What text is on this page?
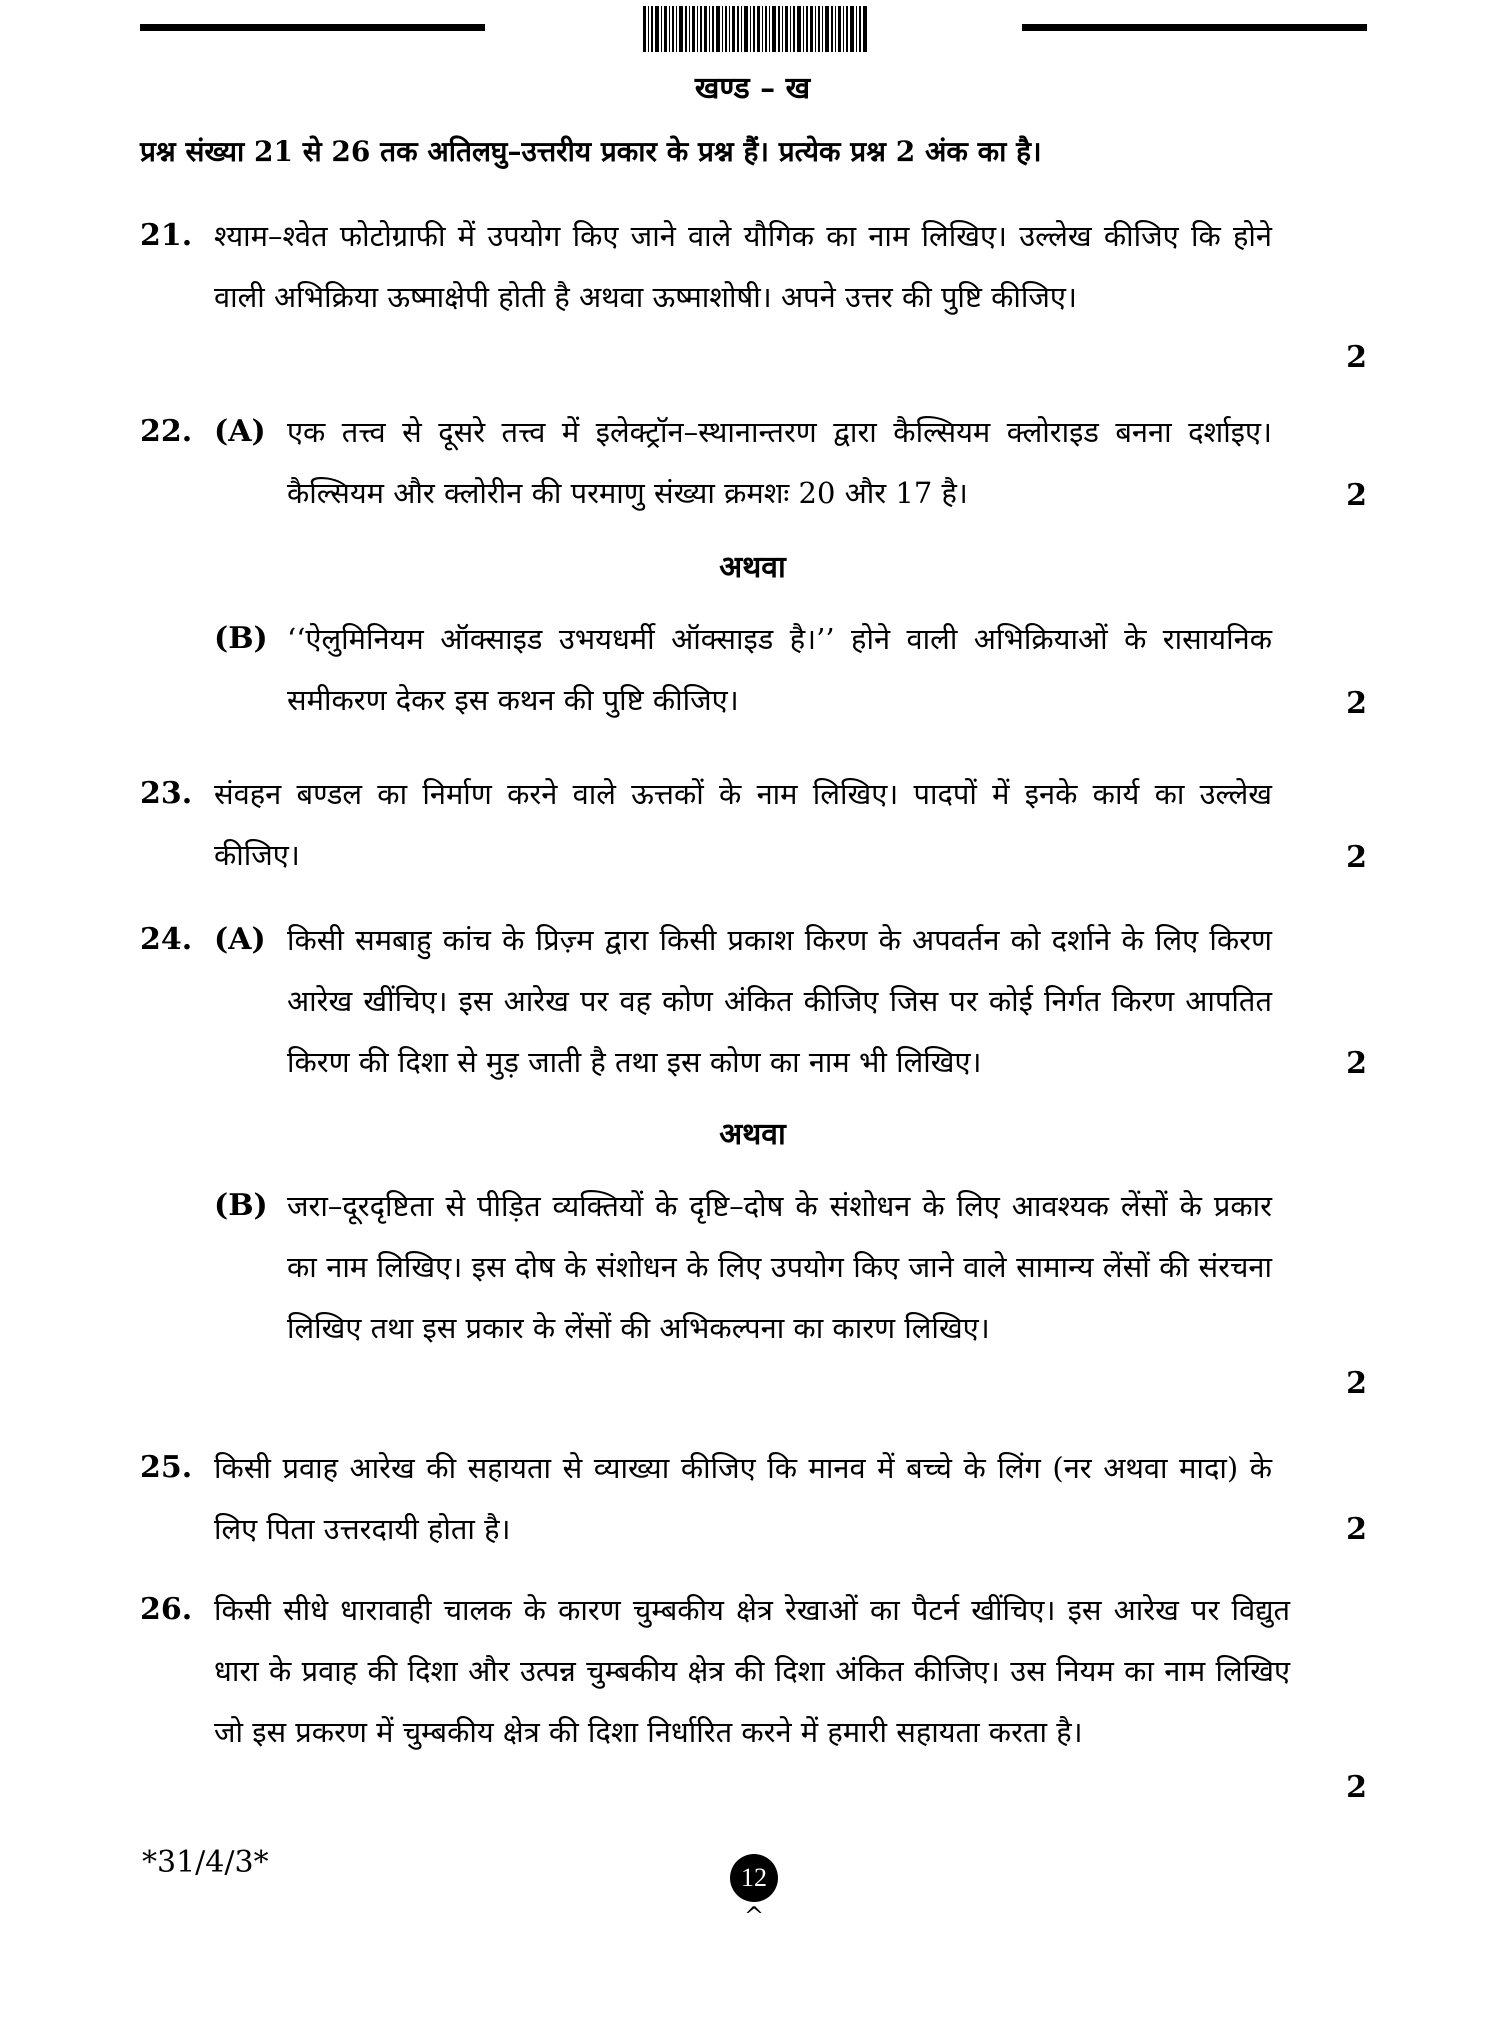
खण्ड – ख
प्रश्न संख्या 21 से 26 तक अतिलघु–उत्तरीय प्रकार के प्रश्न हैं। प्रत्येक प्रश्न 2 अंक का है।
21. श्याम–श्वेत फोटोग्राफी में उपयोग किए जाने वाले यौगिक का नाम लिखिए। उल्लेख कीजिए कि होने वाली अभिक्रिया ऊष्माक्षेपी होती है अथवा ऊष्माशोषी। अपने उत्तर की पुष्टि कीजिए।
2
22. (A) एक तत्त्व से दूसरे तत्त्व में इलेक्ट्रॉन–स्थानान्तरण द्वारा कैल्सियम क्लोराइड बनना दर्शाइए। कैल्सियम और क्लोरीन की परमाणु संख्या क्रमशः 20 और 17 है।	2
अथवा
(B) ‘‘ऐलुमिनियम ऑक्साइड उभयधर्मी ऑक्साइड है।’’ होने वाली अभिक्रियाओं के रासायनिक समीकरण देकर इस कथन की पुष्टि कीजिए।	2
23. संवहन बण्डल का निर्माण करने वाले ऊत्तकों के नाम लिखिए। पादपों में इनके कार्य का उल्लेख कीजिए।	2
24. (A) किसी समबाहु कांच के प्रिज़्म द्वारा किसी प्रकाश किरण के अपवर्तन को दर्शाने के लिए किरण आरेख खींचिए। इस आरेख पर वह कोण अंकित कीजिए जिस पर कोई निर्गत किरण आपतित किरण की दिशा से मुड़ जाती है तथा इस कोण का नाम भी लिखिए।	2
अथवा
(B) जरा–दूरदृष्टिता से पीड़ित व्यक्तियों के दृष्टि–दोष के संशोधन के लिए आवश्यक लेंसों के प्रकार का नाम लिखिए। इस दोष के संशोधन के लिए उपयोग किए जाने वाले सामान्य लेंसों की संरचना लिखिए तथा इस प्रकार के लेंसों की अभिकल्पना का कारण लिखिए।
2
25. किसी प्रवाह आरेख की सहायता से व्याख्या कीजिए कि मानव में बच्चे के लिंग (नर अथवा मादा) के लिए पिता उत्तरदायी होता है।	2
26. किसी सीधे धारावाही चालक के कारण चुम्बकीय क्षेत्र रेखाओं का पैटर्न खींचिए। इस आरेख पर विद्युत धारा के प्रवाह की दिशा और उत्पन्न चुम्बकीय क्षेत्र की दिशा अंकित कीजिए। उस नियम का नाम लिखिए जो इस प्रकरण में चुम्बकीय क्षेत्र की दिशा निर्धारित करने में हमारी सहायता करता है।
2
*31/4/3*	12
^
